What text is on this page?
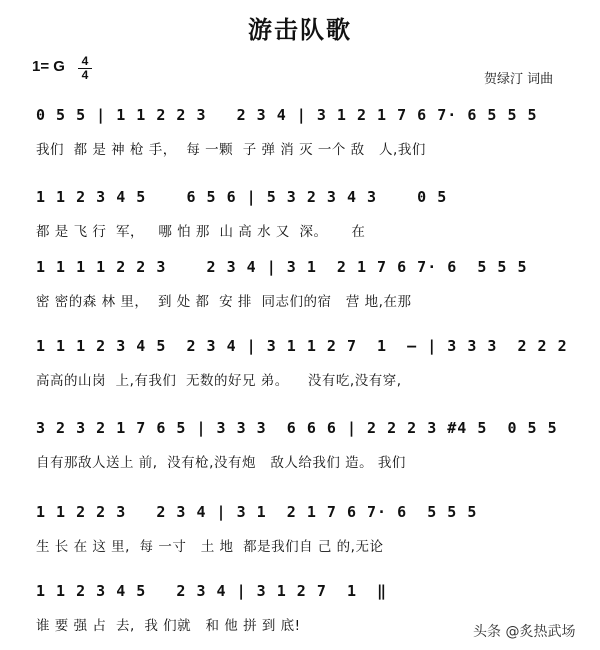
游击队歌
1= G	4
4	贺绿汀 词曲
0 5 5 | 1 1 2 2 3   2 3 4 | 3 1 2 1 7 6 7· 6 5 5 5
我们  都 是 神 枪 手，  每 一颗  子 弹 消 灭 一个 敌   人,我们
1 1 2 3 4 5    6 5 6 | 5 3 2 3 4 3    0 5
都 是 飞 行  军，   哪 怕 那  山 高 水 又  深。     在
1 1 1 1 2 2 3    2 3 4 | 3 1  2 1 7 6 7· 6  5 5 5
密 密的森 林 里，  到 处 都  安 排  同志们的宿   营 地,在那
1 1 1 2 3 4 5  2 3 4 | 3 1 1 2 7  1  — | 3 3 3  2 2 2
高高的山岗  上,有我们  无数的好兄 弟。    没有吃,没有穿,
3 2 3 2 1 7 6 5 | 3 3 3  6 6 6 | 2 2 2 3 #4 5  0 5 5
自有那敌人送上 前,  没有枪,没有炮   敌人给我们 造。 我们
1 1 2 2 3   2 3 4 | 3 1  2 1 7 6 7· 6  5 5 5
生 长 在 这 里,  每 一寸   土 地  都是我们自 己 的,无论
1 1 2 3 4 5   2 3 4 | 3 1 2 7  1  ‖
谁 要 强 占  去,  我 们就   和 他 拼 到 底!	头条 @炙热武场
